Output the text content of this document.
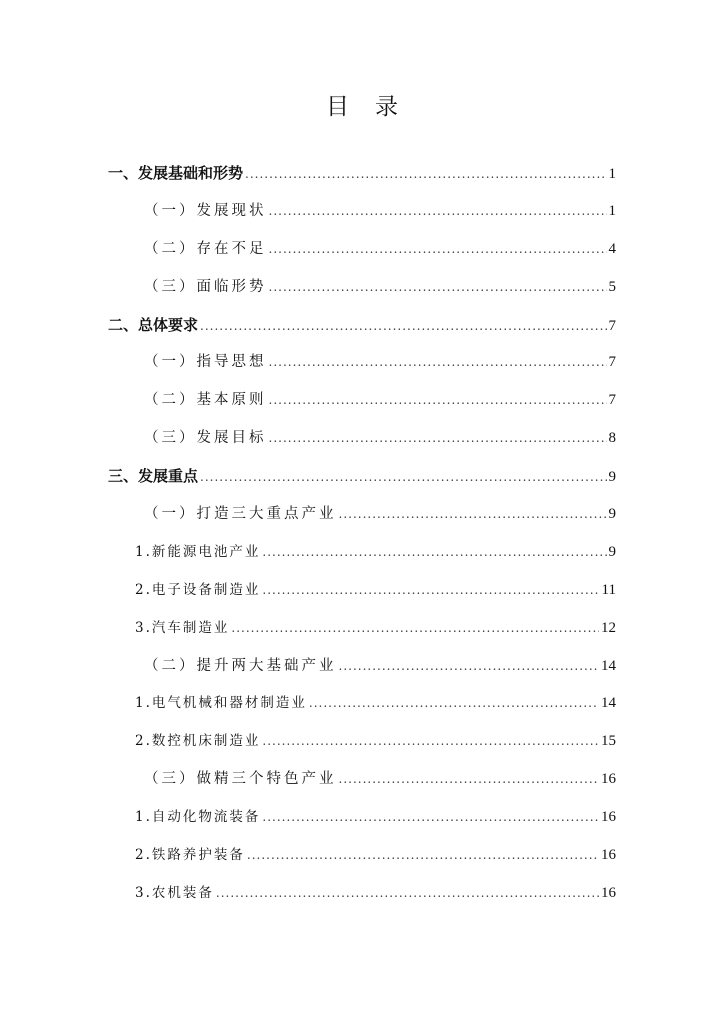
目录
一、发展基础和形势 .....	1
（一）发展现状 .....	1
（二）存在不足 .....	4
（三）面临形势 .....	5
二、总体要求 .....	7
（一）指导思想 .....	7
（二）基本原则 .....	7
（三）发展目标 .....	8
三、发展重点 .....	9
（一）打造三大重点产业 .....	9
1.新能源电池产业 .....	9
2.电子设备制造业 .....	11
3.汽车制造业 .....	12
（二）提升两大基础产业 .....	14
1.电气机械和器材制造业 .....	14
2.数控机床制造业 .....	15
（三）做精三个特色产业 .....	16
1.自动化物流装备 .....	16
2.铁路养护装备 .....	16
3.农机装备 .....	16
